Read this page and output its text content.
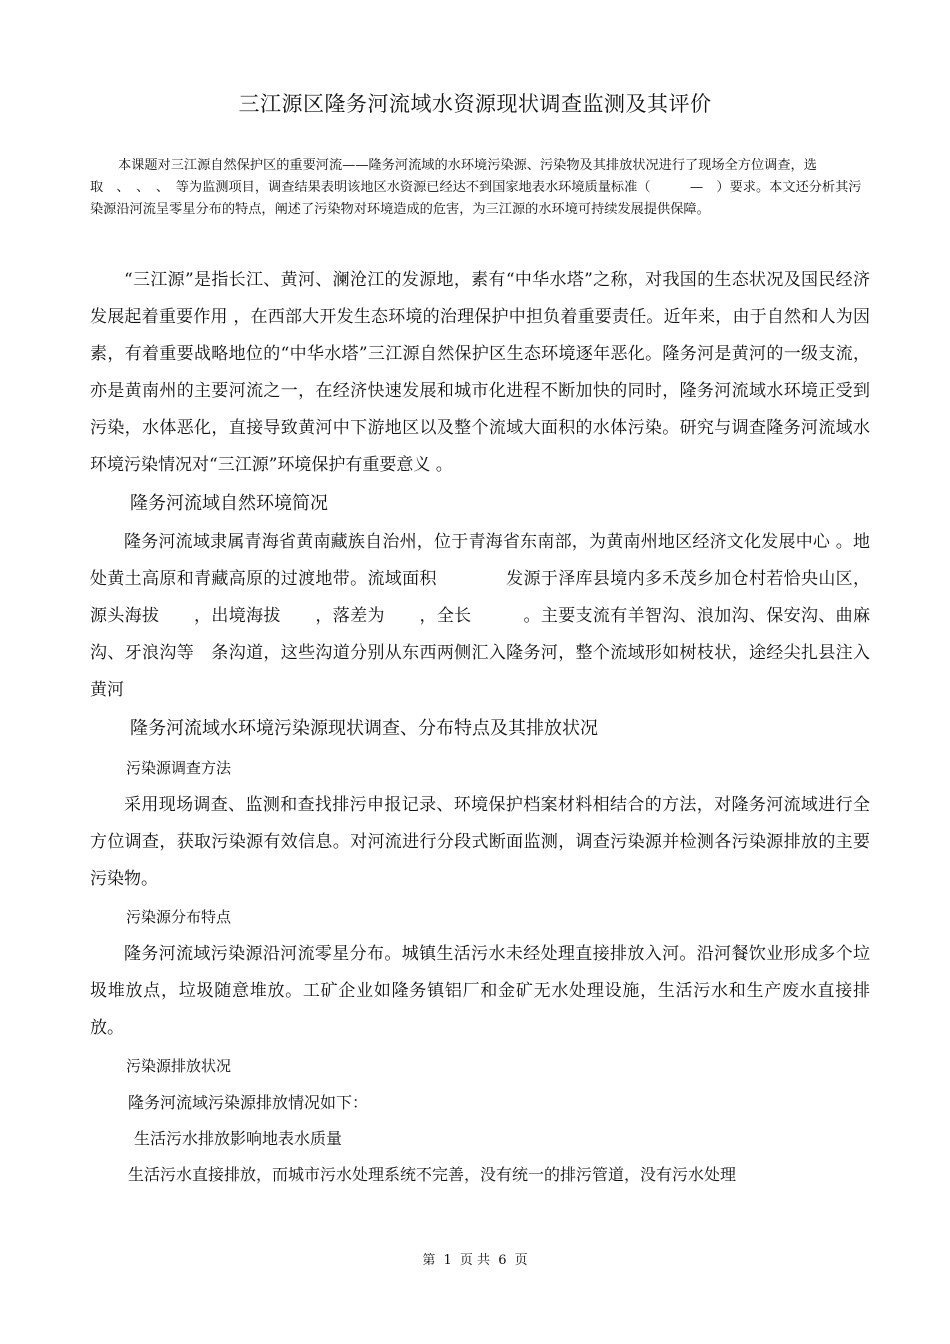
三江源区隆务河流域水资源现状调查监测及其评价

本课题对三江源自然保护区的重要河流——隆务河流域的水环境污染源、污染物及其排放状况进行了现场全方位调查，选取　、　、　、　等为监测项目，调查结果表明该地区水资源已经达不到国家地表水环境质量标准（　　　—　）要求。本文还分析其污染源沿河流呈零星分布的特点，阐述了污染物对环境造成的危害，为三江源的水环境可持续发展提供保障。

“三江源”是指长江、黄河、澜沧江的发源地，素有“中华水塔”之称，对我国的生态状况及国民经济发展起着重要作用 ，在西部大开发生态环境的治理保护中担负着重要责任。近年来，由于自然和人为因素，有着重要战略地位的“中华水塔”三江源自然保护区生态环境逐年恶化。隆务河是黄河的一级支流，亦是黄南州的主要河流之一，在经济快速发展和城市化进程不断加快的同时，隆务河流域水环境正受到污染，水体恶化，直接导致黄河中下游地区以及整个流域大面积的水体污染。研究与调查隆务河流域水环境污染情况对“三江源”环境保护有重要意义 。

隆务河流域自然环境简况

隆务河流域隶属青海省黄南藏族自治州，位于青海省东南部，为黄南州地区经济文化发展中心 。地处黄土高原和青藏高原的过渡地带。流域面积　　　　发源于泽库县境内多禾茂乡加仓村若恰央山区，源头海拔　　，出境海拔　　，落差为　　，全长　　　。主要支流有羊智沟、浪加沟、保安沟、曲麻沟、牙浪沟等　条沟道，这些沟道分别从东西两侧汇入隆务河，整个流域形如树枝状，途经尖扎县注入黄河

隆务河流域水环境污染源现状调查、分布特点及其排放状况

污染源调查方法

采用现场调查、监测和查找排污申报记录、环境保护档案材料相结合的方法，对隆务河流域进行全方位调查，获取污染源有效信息。对河流进行分段式断面监测，调查污染源并检测各污染源排放的主要污染物。

污染源分布特点

隆务河流域污染源沿河流零星分布。城镇生活污水未经处理直接排放入河。沿河餐饮业形成多个垃圾堆放点，垃圾随意堆放。工矿企业如隆务镇铝厂和金矿无水处理设施，生活污水和生产废水直接排放。

污染源排放状况

隆务河流域污染源排放情况如下：

生活污水排放影响地表水质量

生活污水直接排放，而城市污水处理系统不完善，没有统一的排污管道，没有污水处理

第 1 页 共 6 页
